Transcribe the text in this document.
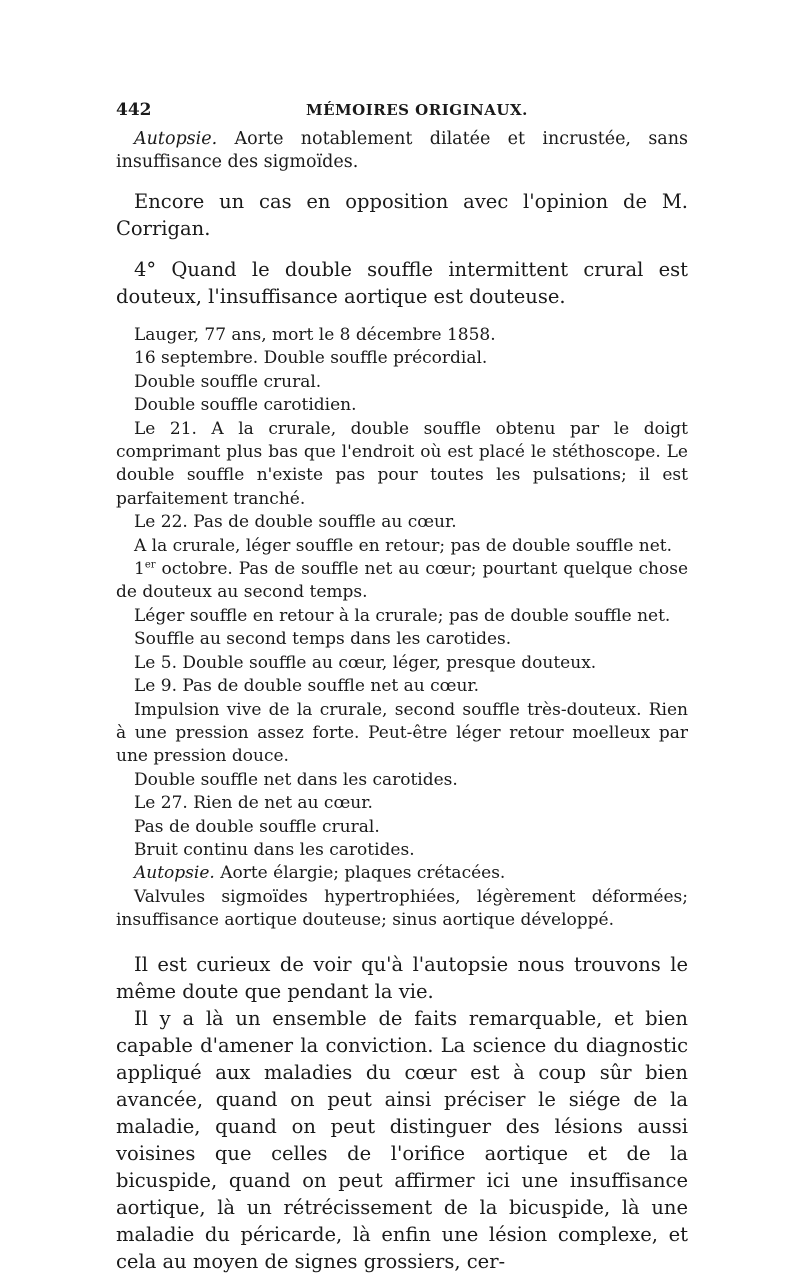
442	MÉMOIRES ORIGINAUX.

Autopsie. Aorte notablement dilatée et incrustée, sans insuffisance des sigmoïdes.

Encore un cas en opposition avec l'opinion de M. Corrigan.

4° Quand le double souffle intermittent crural est douteux, l'insuffisance aortique est douteuse.

Lauger, 77 ans, mort le 8 décembre 1858.

16 septembre. Double souffle précordial.

Double souffle crural.

Double souffle carotidien.

Le 21. A la crurale, double souffle obtenu par le doigt comprimant plus bas que l'endroit où est placé le stéthoscope. Le double souffle n'existe pas pour toutes les pulsations; il est parfaitement tranché.

Le 22. Pas de double souffle au cœur.

A la crurale, léger souffle en retour; pas de double souffle net.

1er octobre. Pas de souffle net au cœur; pourtant quelque chose de douteux au second temps.

Léger souffle en retour à la crurale; pas de double souffle net.

Souffle au second temps dans les carotides.

Le 5. Double souffle au cœur, léger, presque douteux.

Le 9. Pas de double souffle net au cœur.

Impulsion vive de la crurale, second souffle très-douteux. Rien à une pression assez forte. Peut-être léger retour moelleux par une pression douce.

Double souffle net dans les carotides.

Le 27. Rien de net au cœur.

Pas de double souffle crural.

Bruit continu dans les carotides.

Autopsie. Aorte élargie; plaques crétacées.

Valvules sigmoïdes hypertrophiées, légèrement déformées; insuffisance aortique douteuse; sinus aortique développé.

Il est curieux de voir qu'à l'autopsie nous trouvons le même doute que pendant la vie.

Il y a là un ensemble de faits remarquable, et bien capable d'amener la conviction. La science du diagnostic appliqué aux maladies du cœur est à coup sûr bien avancée, quand on peut ainsi préciser le siége de la maladie, quand on peut distinguer des lésions aussi voisines que celles de l'orifice aortique et de la bicuspide, quand on peut affirmer ici une insuffisance aortique, là un rétrécissement de la bicuspide, là une maladie du péricarde, là enfin une lésion complexe, et cela au moyen de signes grossiers, cer-
